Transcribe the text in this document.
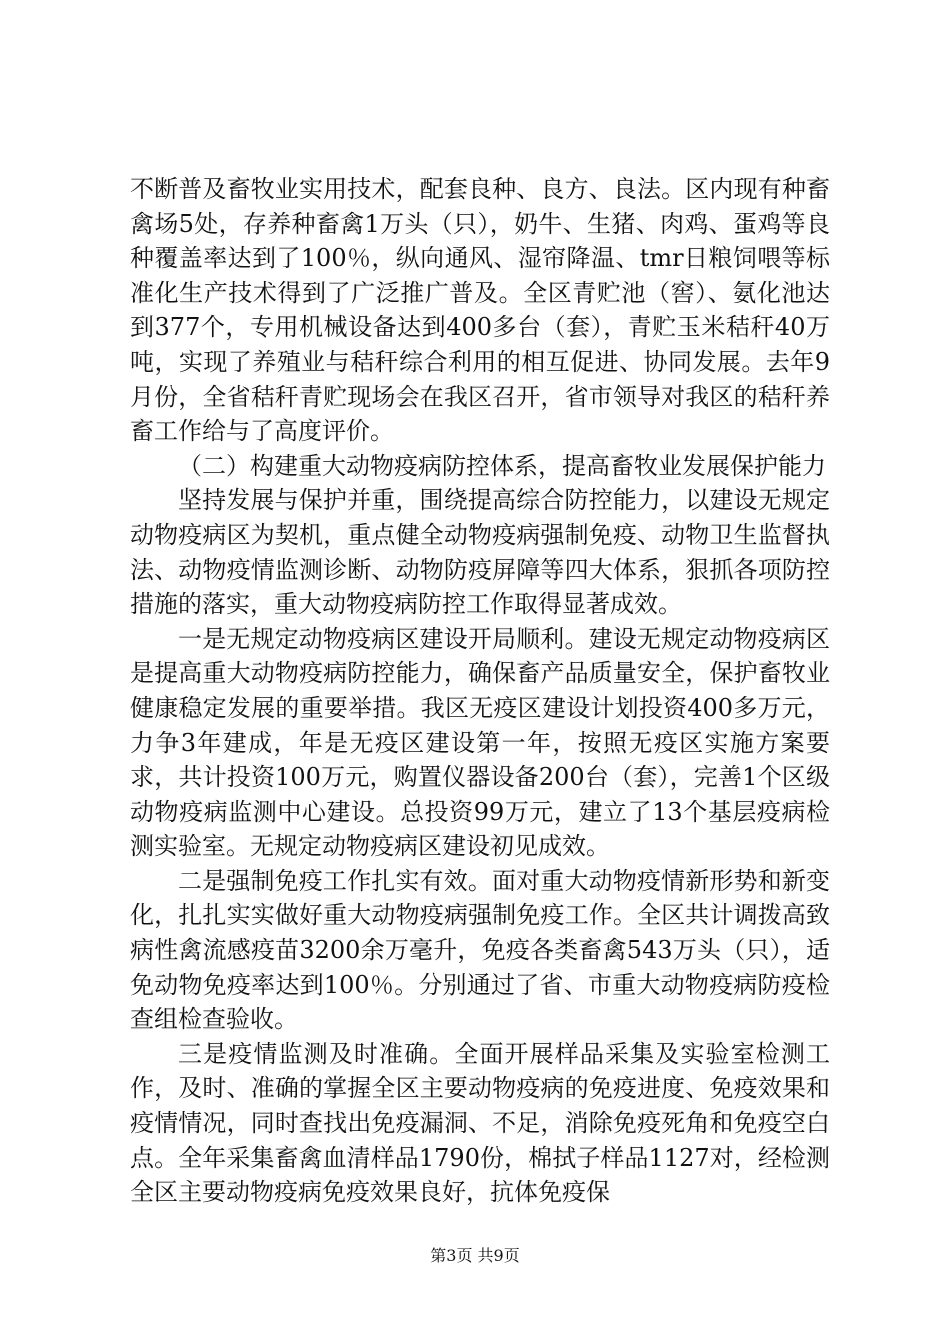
不断普及畜牧业实用技术，配套良种、良方、良法。区内现有种畜禽场5处，存养种畜禽1万头（只），奶牛、生猪、肉鸡、蛋鸡等良种覆盖率达到了100％，纵向通风、湿帘降温、tmr日粮饲喂等标准化生产技术得到了广泛推广普及。全区青贮池（窖）、氨化池达到377个，专用机械设备达到400多台（套），青贮玉米秸秆40万吨，实现了养殖业与秸秆综合利用的相互促进、协同发展。去年9月份，全省秸秆青贮现场会在我区召开，省市领导对我区的秸秆养畜工作给与了高度评价。

（二）构建重大动物疫病防控体系，提高畜牧业发展保护能力

坚持发展与保护并重，围绕提高综合防控能力，以建设无规定动物疫病区为契机，重点健全动物疫病强制免疫、动物卫生监督执法、动物疫情监测诊断、动物防疫屏障等四大体系，狠抓各项防控措施的落实，重大动物疫病防控工作取得显著成效。

一是无规定动物疫病区建设开局顺利。建设无规定动物疫病区是提高重大动物疫病防控能力，确保畜产品质量安全，保护畜牧业健康稳定发展的重要举措。我区无疫区建设计划投资400多万元，力争3年建成，年是无疫区建设第一年，按照无疫区实施方案要求，共计投资100万元，购置仪器设备200台（套），完善1个区级动物疫病监测中心建设。总投资99万元，建立了13个基层疫病检测实验室。无规定动物疫病区建设初见成效。

二是强制免疫工作扎实有效。面对重大动物疫情新形势和新变化，扎扎实实做好重大动物疫病强制免疫工作。全区共计调拨高致病性禽流感疫苗3200余万毫升，免疫各类畜禽543万头（只），适免动物免疫率达到100％。分别通过了省、市重大动物疫病防疫检查组检查验收。

三是疫情监测及时准确。全面开展样品采集及实验室检测工作，及时、准确的掌握全区主要动物疫病的免疫进度、免疫效果和疫情情况，同时查找出免疫漏洞、不足，消除免疫死角和免疫空白点。全年采集畜禽血清样品1790份，棉拭子样品1127对，经检测全区主要动物疫病免疫效果良好，抗体免疫保

第3页 共9页
